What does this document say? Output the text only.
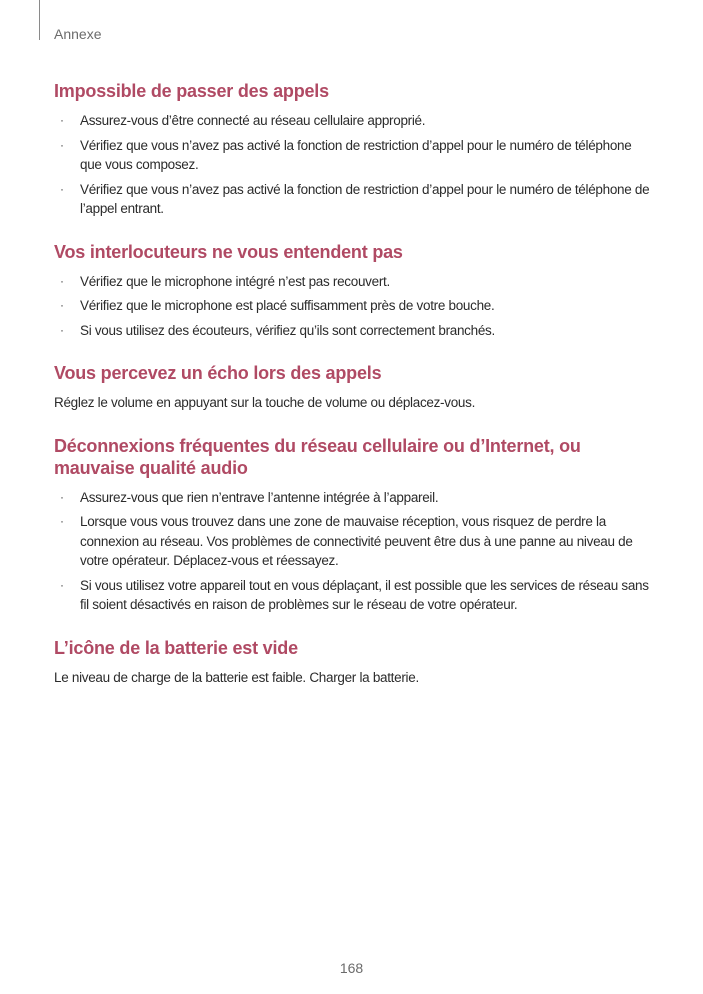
Annexe
Impossible de passer des appels
· Assurez-vous d’être connecté au réseau cellulaire approprié.
· Vérifiez que vous n’avez pas activé la fonction de restriction d’appel pour le numéro de téléphone que vous composez.
· Vérifiez que vous n’avez pas activé la fonction de restriction d’appel pour le numéro de téléphone de l’appel entrant.
Vos interlocuteurs ne vous entendent pas
· Vérifiez que le microphone intégré n’est pas recouvert.
· Vérifiez que le microphone est placé suffisamment près de votre bouche.
· Si vous utilisez des écouteurs, vérifiez qu’ils sont correctement branchés.
Vous percevez un écho lors des appels

Réglez le volume en appuyant sur la touche de volume ou déplacez-vous.

Déconnexions fréquentes du réseau cellulaire ou d’Internet, ou mauvaise qualité audio
· Assurez-vous que rien n’entrave l’antenne intégrée à l’appareil.
· Lorsque vous vous trouvez dans une zone de mauvaise réception, vous risquez de perdre la connexion au réseau. Vos problèmes de connectivité peuvent être dus à une panne au niveau de votre opérateur. Déplacez-vous et réessayez.
· Si vous utilisez votre appareil tout en vous déplaçant, il est possible que les services de réseau sans fil soient désactivés en raison de problèmes sur le réseau de votre opérateur.
L’icône de la batterie est vide

Le niveau de charge de la batterie est faible. Charger la batterie.

168
